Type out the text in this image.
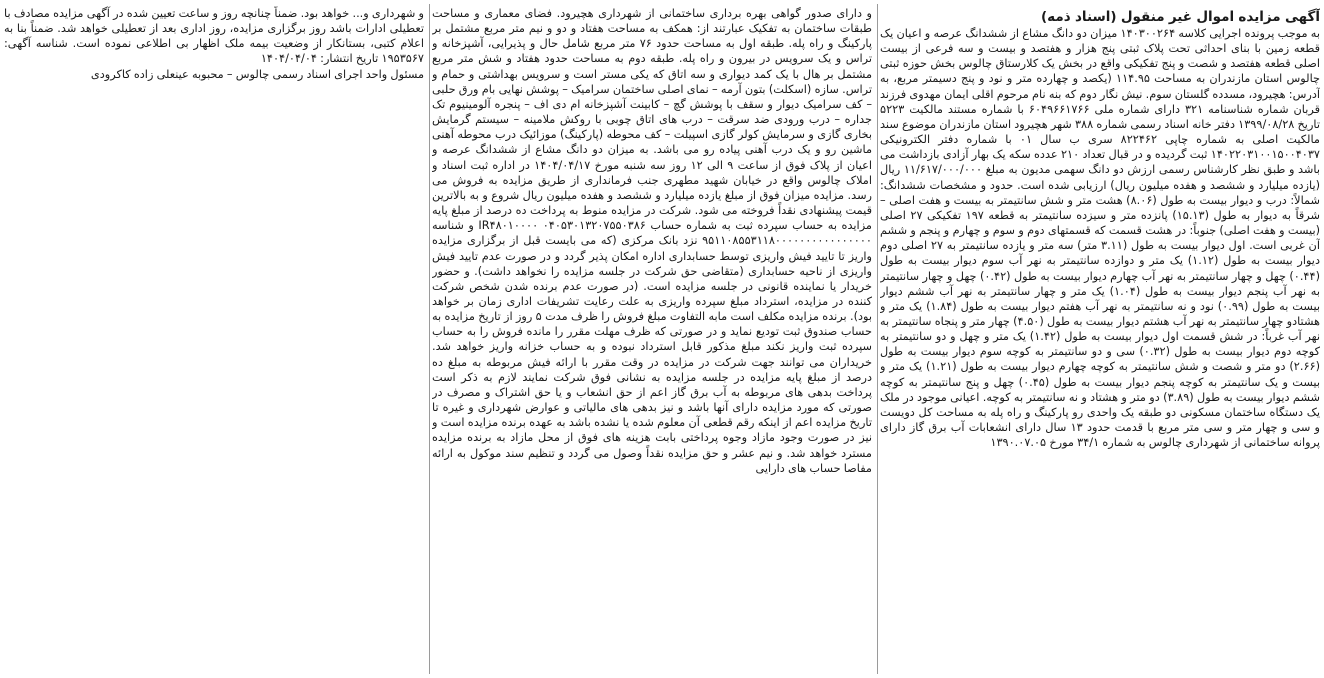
آگهی مزایده اموال غیر منقول (اسناد ذمه)

به موجب پرونده اجرایی کلاسه ۱۴۰۳۰۰۲۶۴ میزان دو دانگ مشاع از ششدانگ عرصه و اعیان یک قطعه زمین با بنای احداثی تحت پلاک ثبتی پنج هزار و هفتصد و بیست و سه فرعی از بیست اصلی قطعه هفتصد و شصت و پنج تفکیکی واقع در بخش یک کلارستاق چالوس بخش حوزه ثبتی چالوس استان مازندران به مساحت ۱۱۴.۹۵ (یکصد و چهارده متر و نود و پنج دسیمتر مربع، به آدرس: هچیرود، مسدده گلستان سوم. نیش نگار دوم که بنه نام مرحوم اقلی ایمان مهدوی فرزند قربان شماره شناسنامه ۳۲۱ دارای شماره ملی ۶۰۴۹۶۶۱۷۶۶ با شماره مستند مالکیت ۵۲۲۳ تاریخ ۱۳۹۹/۰۸/۲۸ دفتر خانه اسناد رسمی شماره ۳۸۸ شهر هچیرود استان مازندران موضوع سند مالکیت اصلی به شماره چاپی ۸۲۲۴۶۲ سری ب سال ۰۱ با شماره دفتر الکترونیکی ۱۴۰۲۲۰۳۱۰۰۱۵۰۰۴۰۳۷ ثبت گردیده و در قبال تعداد ۲۱۰ عدده سکه یک بهار آزادی بازداشت می باشد و طبق نظر کارشناس رسمی ارزش دو دانگ سهمی مدیون به مبلغ ۱۱/۶۱۷/۰۰۰/۰۰۰ ریال (یازده میلیارد و ششصد و هفده میلیون ریال) ارزیابی شده است. حدود و مشخصات ششدانگ: شمالاً: درب و دیوار بیست به طول (۸.۰۶) هشت متر و شش سانتیمتر به بیست و هفت اصلی – شرقاً به دیوار به طول (۱۵.۱۳) پانزده متر و سیزده سانتیمتر به قطعه ۱۹۷ تفکیکی ۲۷ اصلی (بیست و هفت اصلی) جنوباً: در هشت قسمت که قسمتهای دوم و سوم و چهارم و پنجم و ششم آن غربی است. اول دیوار بیست به طول (۳.۱۱ متر) سه متر و یازده سانتیمتر به ۲۷ اصلی دوم دیوار بیست به طول (۱.۱۲) یک متر و دوازده سانتیمتر به نهر آب سوم دیوار بیست به طول (۰.۴۴) چهل و چهار سانتیمتر به نهر آب چهارم دیوار بیست به طول (۰.۴۲) چهل و چهار سانتیمتر به نهر آب پنجم دیوار بیست به طول (۱.۰۴) یک متر و چهار سانتیمتر به نهر آب ششم دیوار بیست به طول (۰.۹۹) نود و نه سانتیمتر به نهر آب هفتم دیوار بیست به طول (۱.۸۴) یک متر و هشتادو چهار سانتیمتر به نهر آب هشتم دیوار بیست به طول (۴.۵۰) چهار متر و پنجاه سانتیمتر به نهر آب غرباً: در شش قسمت اول دیوار بیست به طول (۱.۴۲) یک متر و چهل و دو سانتیمتر به کوچه دوم دیوار بیست به طول (۰.۳۲) سی و دو سانتیمتر به کوچه سوم دیوار بیست به طول (۲.۶۶) دو متر و شصت و شش سانتیمتر به کوچه چهارم دیوار بیست به طول (۱.۲۱) یک متر و بیست و یک سانتیمتر به کوچه پنجم دیوار بیست به طول (۰.۴۵) چهل و پنج سانتیمتر به کوچه ششم دیوار بیست به طول (۳.۸۹) دو متر و هشتاد و نه سانتیمتر به کوچه. اعیانی موجود در ملک یک دستگاه ساختمان مسکونی دو طبقه یک واحدی رو پارکینگ و راه پله به مساحت کل دویست و سی و چهار متر و سی متر مربع با قدمت حدود ۱۳ سال دارای انشعابات آب برق گاز دارای پروانه ساختمانی از شهرداری چالوس به شماره ۳۴/۱ مورخ ۱۳۹۰.۰۷.۰۵

و دارای صدور گواهی بهره برداری ساختمانی از شهرداری هچیرود. فضای معماری و مساحت طبقات ساختمان به تفکیک عبارتند از: همکف به مساحت هفتاد و دو و نیم متر مربع مشتمل بر پارکینگ و راه پله. طبقه اول به مساحت حدود ۷۶ متر مربع شامل حال و پذیرایی، آشپزخانه و تراس و یک سرویس در بیرون و راه پله. طبقه دوم به مساحت حدود هفتاد و شش متر مربع مشتمل بر هال با یک کمد دیواری و سه اتاق که یکی مستر است و سرویس بهداشتی و حمام و تراس. سازه (اسکلت) بتون آرمه – نمای اصلی ساختمان سرامیک – پوشش نهایی بام ورق حلبی – کف سرامیک دیوار و سقف با پوشش گچ – کابینت آشپزخانه ام دی اف – پنجره آلومینیوم تک جداره – درب ورودی ضد سرقت – درب های اتاق چوبی با روکش ملامینه – سیستم گرمایش بخاری گازی و سرمایش کولر گازی اسپیلت – کف محوطه (پارکینگ) موزائیک درب محوطه آهنی ماشین رو و یک درب آهنی پیاده رو می باشد. به میزان دو دانگ مشاع از ششدانگ عرصه و اعیان از پلاک فوق از ساعت ۹ الی ۱۲ روز سه شنبه مورخ ۱۴۰۴/۰۴/۱۷ در اداره ثبت اسناد و املاک چالوس واقع در خیابان شهید مطهری جنب فرمانداری از طریق مزایده به فروش می رسد. مزایده میزان فوق از مبلغ یازده میلیارد و ششصد و هفده میلیون ریال شروع و به بالاترین قیمت پیشنهادی نقداً فروخته می شود. شرکت در مزایده منوط به پرداخت ده درصد از مبلغ پایه مزایده به حساب سپرده ثبت به شماره حساب ۰۴۰۵۳۰۱۳۲۰۷۵۵۰۳۸۶ IR۴۸۰۱۰۰۰۰ و شناسه ۹۵۱۱۰۸۵۵۳۱۱۸۰۰۰۰۰۰۰۰۰۰۰۰۰۰۰۰ نزد بانک مرکزی (که می بایست قبل از برگزاری مزایده واریز تا تایید فیش واریزی توسط حسابداری اداره امکان پذیر گردد و در صورت عدم تایید فیش واریزی از ناحیه حسابداری (متقاضی حق شرکت در جلسه مزایده را نخواهد داشت). و حضور خریدار یا نماینده قانونی در جلسه مزایده است. (در صورت عدم برنده شدن شخص شرکت کننده در مزایده، استرداد مبلغ سپرده واریزی به علت رعایت تشریفات اداری زمان بر خواهد بود). برنده مزایده مکلف است مابه التفاوت مبلغ فروش را ظرف مدت ۵ روز از تاریخ مزایده به حساب صندوق ثبت تودیع نماید و در صورتی که ظرف مهلت مقرر را مانده فروش را به حساب سپرده ثبت واریز نکند مبلغ مذکور قابل استرداد نبوده و به حساب خزانه واریز خواهد شد. خریداران می توانند جهت شرکت در مزایده در وقت مقرر با ارائه فیش مربوطه به مبلغ ده درصد از مبلغ پایه مزایده در جلسه مزایده به نشانی فوق شرکت نمایند لازم به ذکر است پرداخت بدهی های مربوطه به آب برق گاز اعم از حق انشعاب و یا حق اشتراک و مصرف در صورتی که مورد مزایده دارای آنها باشد و نیز بدهی های مالیاتی و عوارض شهرداری و غیره تا تاریخ مزایده اعم از اینکه رقم قطعی آن معلوم شده یا نشده باشد به عهده برنده مزایده است و نیز در صورت وجود مازاد وجوه پرداختی بابت هزینه های فوق از محل مازاد به برنده مزایده مسترد خواهد شد. و نیم عشر و حق مزایده نقداً وصول می گردد و تنظیم سند موکول به ارائه مفاصا حساب های دارایی

و شهرداری و... خواهد بود. ضمناً چنانچه روز و ساعت تعیین شده در آگهی مزایده مصادف با تعطیلی ادارات باشد روز برگزاری مزایده، روز اداری بعد از تعطیلی خواهد شد. ضمناً بنا به اعلام کتبی، بستانکار از وضعیت بیمه ملک اظهار بی اطلاعی نموده است. شناسه آگهی: ۱۹۵۳۵۶۷ تاریخ انتشار: ۱۴۰۴/۰۴/۰۴

مسئول واحد اجرای اسناد رسمی چالوس – محبوبه عینعلی زاده کاکرودی
